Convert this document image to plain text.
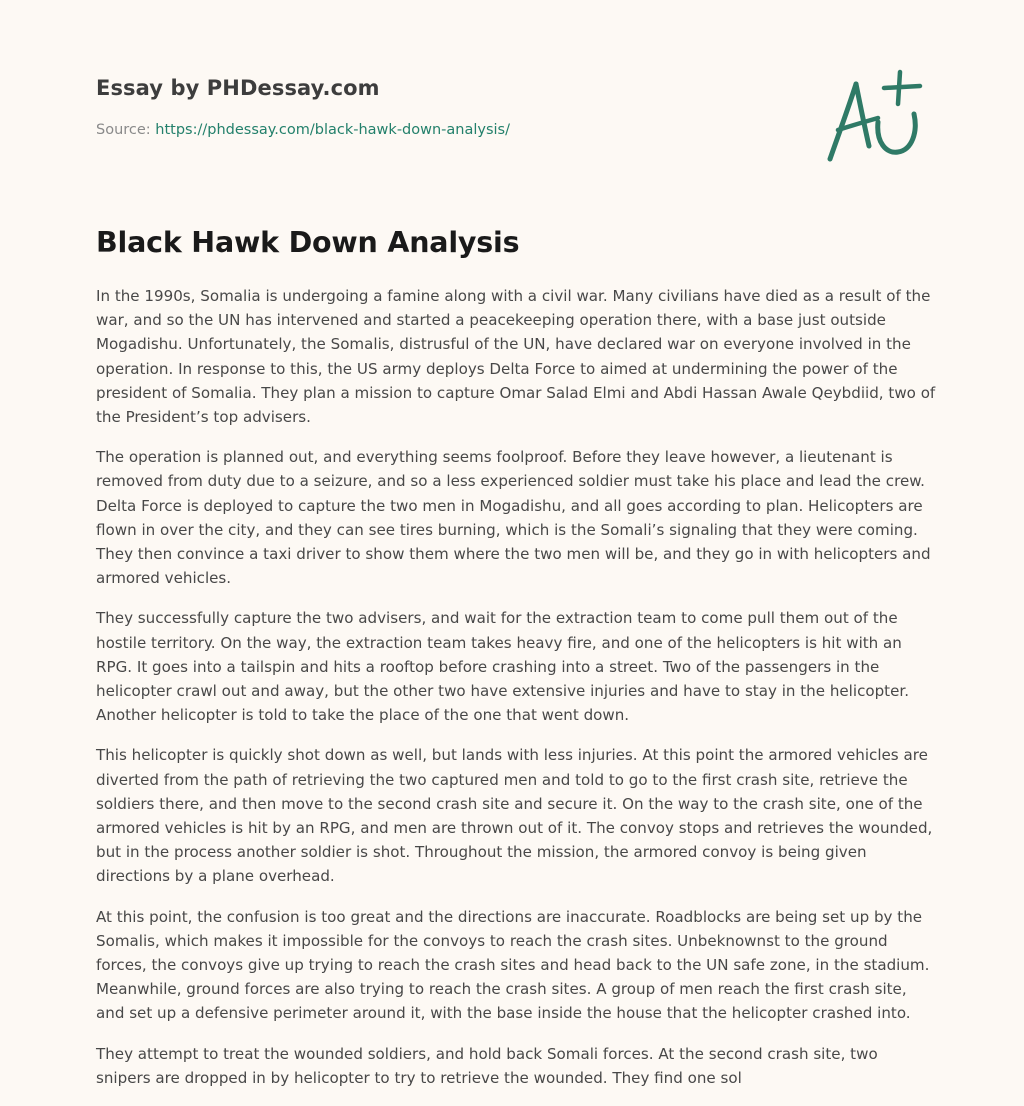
Essay by PHDessay.com
Source: https://phdessay.com/black-hawk-down-analysis/
Black Hawk Down Analysis

In the 1990s, Somalia is undergoing a famine along with a civil war. Many civilians have died as a result of the war, and so the UN has intervened and started a peacekeeping operation there, with a base just outside Mogadishu. Unfortunately, the Somalis, distrusful of the UN, have declared war on everyone involved in the operation. In response to this, the US army deploys Delta Force to aimed at undermining the power of the president of Somalia. They plan a mission to capture Omar Salad Elmi and Abdi Hassan Awale Qeybdiid, two of the President’s top advisers.

The operation is planned out, and everything seems foolproof. Before they leave however, a lieutenant is removed from duty due to a seizure, and so a less experienced soldier must take his place and lead the crew. Delta Force is deployed to capture the two men in Mogadishu, and all goes according to plan. Helicopters are flown in over the city, and they can see tires burning, which is the Somali’s signaling that they were coming. They then convince a taxi driver to show them where the two men will be, and they go in with helicopters and armored vehicles.

They successfully capture the two advisers, and wait for the extraction team to come pull them out of the hostile territory. On the way, the extraction team takes heavy fire, and one of the helicopters is hit with an RPG. It goes into a tailspin and hits a rooftop before crashing into a street. Two of the passengers in the helicopter crawl out and away, but the other two have extensive injuries and have to stay in the helicopter. Another helicopter is told to take the place of the one that went down.

This helicopter is quickly shot down as well, but lands with less injuries. At this point the armored vehicles are diverted from the path of retrieving the two captured men and told to go to the first crash site, retrieve the soldiers there, and then move to the second crash site and secure it. On the way to the crash site, one of the armored vehicles is hit by an RPG, and men are thrown out of it. The convoy stops and retrieves the wounded, but in the process another soldier is shot. Throughout the mission, the armored convoy is being given directions by a plane overhead.

At this point, the confusion is too great and the directions are inaccurate. Roadblocks are being set up by the Somalis, which makes it impossible for the convoys to reach the crash sites. Unbeknownst to the ground forces, the convoys give up trying to reach the crash sites and head back to the UN safe zone, in the stadium. Meanwhile, ground forces are also trying to reach the crash sites. A group of men reach the first crash site, and set up a defensive perimeter around it, with the base inside the house that the helicopter crashed into.

They attempt to treat the wounded soldiers, and hold back Somali forces. At the second crash site, two snipers are dropped in by helicopter to try to retrieve the wounded. They find one sol
